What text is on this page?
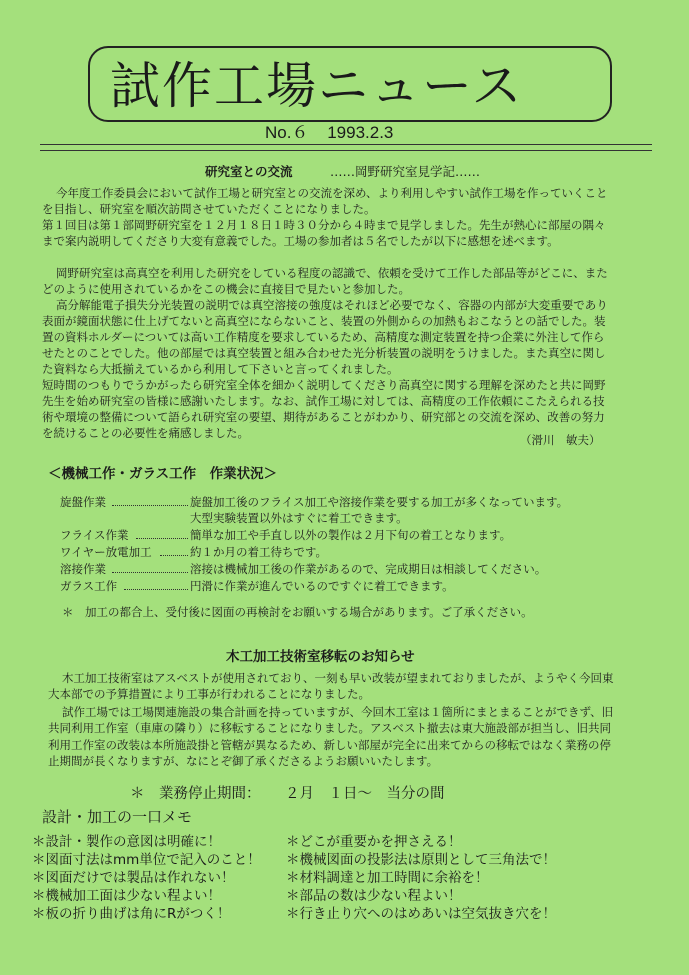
試作工場ニュース
No.６ 1993.2.3
研究室との交流	……岡野研究室見学記……
今年度工作委員会において試作工場と研究室との交流を深め、より利用しやすい試作工場を作っていくこと
を目指し、研究室を順次訪問させていただくことになりました。
第１回目は第１部岡野研究室を１２月１８日１時３０分から４時まで見学しました。先生が熱心に部屋の隅々
まで案内説明してくださり大変有意義でした。工場の参加者は５名でしたが以下に感想を述べます。
岡野研究室は高真空を利用した研究をしている程度の認識で、依頼を受けて工作した部品等がどこに、また
どのように使用されているかをこの機会に直接目で見たいと参加した。
高分解能電子損失分光装置の説明では真空溶接の強度はそれほど必要でなく、容器の内部が大変重要であり
表面が鏡面状態に仕上げてないと高真空にならないこと、装置の外側からの加熱もおこなうとの話でした。装
置の資料ホルダーについては高い工作精度を要求しているため、高精度な測定装置を持つ企業に外注して作ら
せたとのことでした。他の部屋では真空装置と組み合わせた光分析装置の説明をうけました。また真空に関し
た資料なら大抵揃えているから利用して下さいと言ってくれました。
短時間のつもりでうかがったら研究室全体を細かく説明してくださり高真空に関する理解を深めたと共に岡野
先生を始め研究室の皆様に感謝いたします。なお、試作工場に対しては、高精度の工作依頼にこたえられる技
術や環境の整備について語られ研究室の要望、期待があることがわかり、研究部との交流を深め、改善の努力
を続けることの必要性を痛感しました。	（滑川　敏夫）
＜機械工作・ガラス工作　作業状況＞
旋盤作業	旋盤加工後のフライス加工や溶接作業を要する加工が多くなっています。
大型実験装置以外はすぐに着工できます。
フライス作業	簡単な加工や手直し以外の製作は２月下旬の着工となります。
ワイヤー放電加工	約１か月の着工待ちです。
溶接作業	溶接は機械加工後の作業があるので、完成期日は相談してください。
ガラス工作	円滑に作業が進んでいるのですぐに着工できます。
＊　加工の都合上、受付後に図面の再検討をお願いする場合があります。ご了承ください。
木工加工技術室移転のお知らせ
木工加工技術室はアスベストが使用されており、一刻も早い改装が望まれておりましたが、ようやく今回東
大本部での予算措置により工事が行われることになりました。
試作工場では工場関連施設の集合計画を持っていますが、今回木工室は１箇所にまとまることができず、旧
共同利用工作室（車庫の隣り）に移転することになりました。アスベスト撤去は東大施設部が担当し、旧共同
利用工作室の改装は本所施設掛と管轄が異なるため、新しい部屋が完全に出来てからの移転ではなく業務の停
止期間が長くなりますが、なにとぞ御了承くださるようお願いいたします。
＊　業務停止期間： ２月　１日〜　当分の間
設計・加工の一口メモ
＊設計・製作の意図は明確に！
＊図面寸法はmm単位で記入のこと！
＊図面だけでは製品は作れない！
＊機械加工面は少ない程よい！
＊板の折り曲げは角にRがつく！
＊どこが重要かを押さえる！
＊機械図面の投影法は原則として三角法で！
＊材料調達と加工時間に余裕を！
＊部品の数は少ない程よい！
＊行き止り穴へのはめあいは空気抜き穴を！
